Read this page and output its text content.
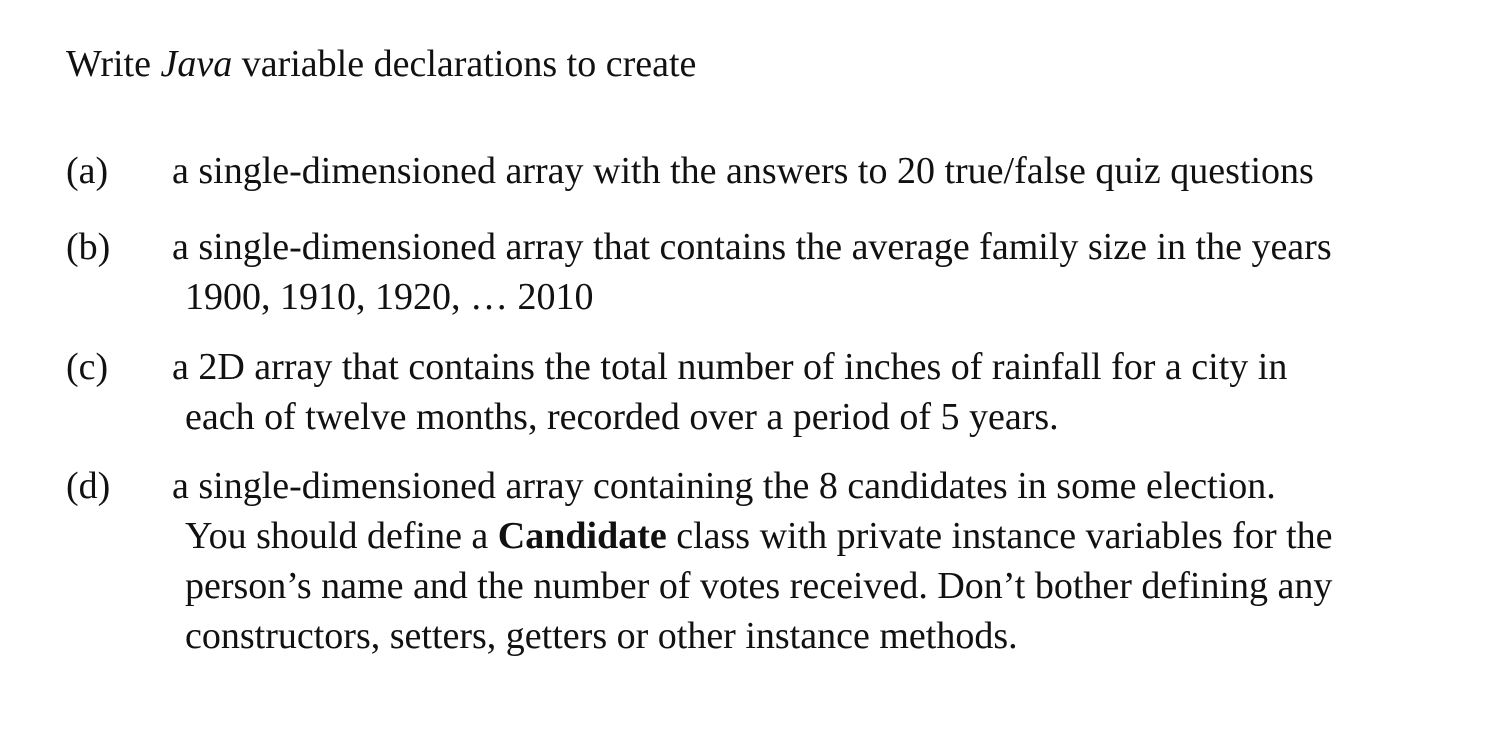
Write Java variable declarations to create
(a) a single-dimensioned array with the answers to 20 true/false quiz questions
(b) a single-dimensioned array that contains the average family size in the years
1900, 1910, 1920, … 2010
(c) a 2D array that contains the total number of inches of rainfall for a city in
each of twelve months, recorded over a period of 5 years.
(d) a single-dimensioned array containing the 8 candidates in some election.
You should define a Candidate class with private instance variables for the
person’s name and the number of votes received. Don’t bother defining any
constructors, setters, getters or other instance methods.
